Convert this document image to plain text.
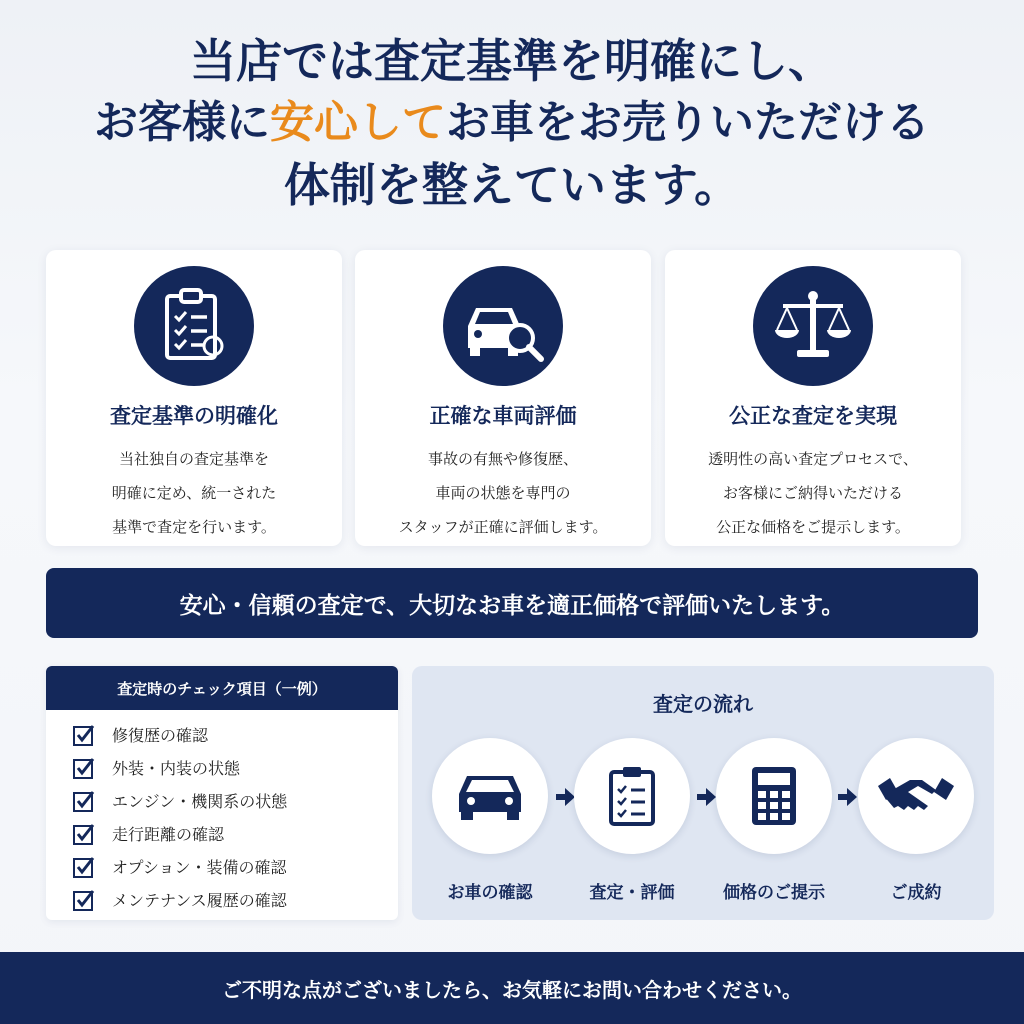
当店では査定基準を明確にし、
お客様に安心してお車をお売りいただける
体制を整えています。
査定基準の明確化
当社独自の査定基準を
明確に定め、統一された
基準で査定を行います。
正確な車両評価
事故の有無や修復歴、
車両の状態を専門の
スタッフが正確に評価します。
公正な査定を実現
透明性の高い査定プロセスで、
お客様にご納得いただける
公正な価格をご提示します。
安心・信頼の査定で、大切なお車を適正価格で評価いたします。
査定時のチェック項目（一例）
修復歴の確認
外装・内装の状態
エンジン・機関系の状態
走行距離の確認
オプション・装備の確認
メンテナンス履歴の確認
査定の流れ
お車の確認	査定・評価	価格のご提示	ご成約
ご不明な点がございましたら、お気軽にお問い合わせください。
